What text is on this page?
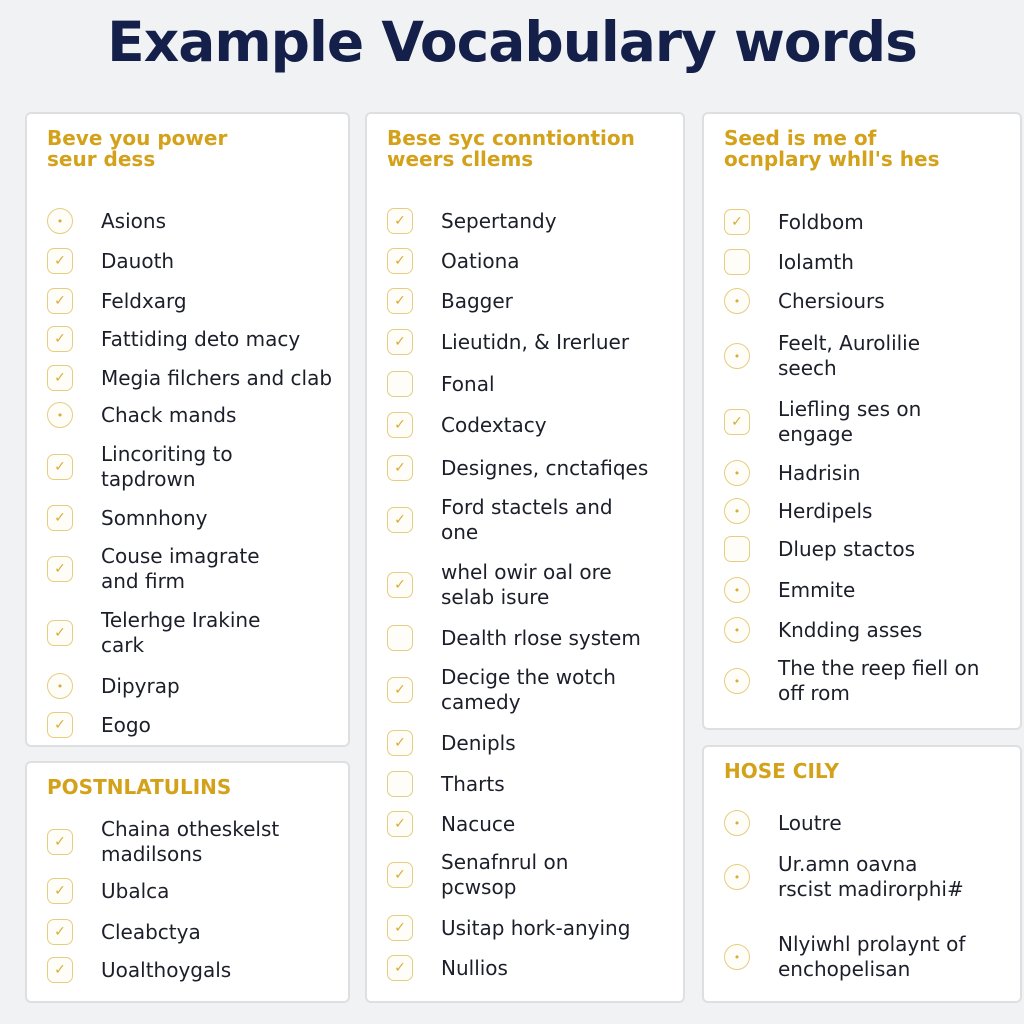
Example Vocabulary words
Beve you power
seur dess
•	Asions
✓	Dauoth
✓	Feldxarg
✓	Fattiding deto macy
✓	Megia filchers and clab
•	Chack mands
✓
Lincoriting to
tapdrown
✓	Somnhony
✓
Couse imagrate
and firm
✓
Telerhge Irakine
cark
•	Dipyrap
✓	Eogo
POSTNLATULINS
✓
Chaina otheskelst
madilsons
✓	Ubalca
✓	Cleabctya
✓	Uoalthoygals
Bese syc conntiontion
weers cllems
✓	Sepertandy
✓	Oationa
✓	Bagger
✓	Lieutidn, & Irerluer
Fonal
✓	Codextacy
✓	Designes, cnctafiqes
✓
Ford stactels and
one
✓
whel owir oal ore
selab isure
Dealth rlose system
✓
Decige the wotch
camedy
✓	Denipls
Tharts
✓	Nacuce
✓
Senafnrul on
pcwsop
✓	Usitap hork-anying
✓	Nullios
Seed is me of
ocnplary whll's hes
✓	Foldbom
Iolamth
•	Chersiours
•
Feelt, Aurolilie
seech
✓
Liefling ses on
engage
•	Hadrisin
•	Herdipels
Dluep stactos
•	Emmite
•	Kndding asses
•
The the reep fiell on
off rom
HOSE CILY
•	Loutre
•
Ur.amn oavna
rscist madirorphi#
•
Nlyiwhl prolaynt of
enchopelisan
